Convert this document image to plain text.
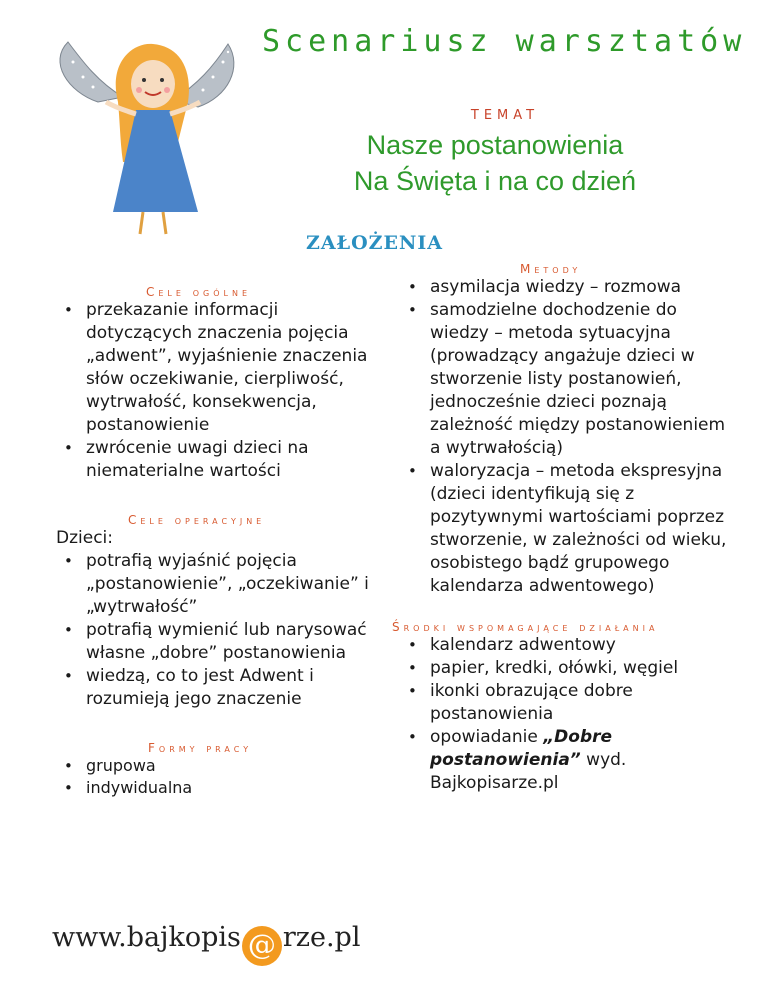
Scenariusz warsztatów
TEMAT
Nasze postanowienia
Na Święta i na co dzień
ZAŁOŻENIA
Cele ogólne
• przekazanie informacji dotyczących znaczenia pojęcia „adwent”, wyjaśnienie znaczenia słów oczekiwanie, cierpliwość, wytrwałość, konsekwencja, postanowienie
• zwrócenie uwagi dzieci na niematerialne wartości
Cele operacyjne
Dzieci:
• potrafią wyjaśnić pojęcia „postanowienie”, „oczekiwanie” i „wytrwałość”
• potrafią wymienić lub narysować własne „dobre” postanowienia
• wiedzą, co to jest Adwent i rozumieją jego znaczenie
Formy pracy
• grupowa
• indywidualna
Metody
• asymilacja wiedzy – rozmowa
• samodzielne dochodzenie do wiedzy – metoda sytuacyjna (prowadzący angażuje dzieci w stworzenie listy postanowień, jednocześnie dzieci poznają zależność między postanowieniem a wytrwałością)
• waloryzacja – metoda ekspresyjna (dzieci identyfikują się z pozytywnymi wartościami poprzez stworzenie, w zależności od wieku, osobistego bądź grupowego kalendarza adwentowego)
Środki wspomagające działania
• kalendarz adwentowy
• papier, kredki, ołówki, węgiel
• ikonki obrazujące dobre postanowienia
• opowiadanie „Dobre postanowienia” wyd. Bajkopisarze.pl
www.bajkopis @ rze.pl
